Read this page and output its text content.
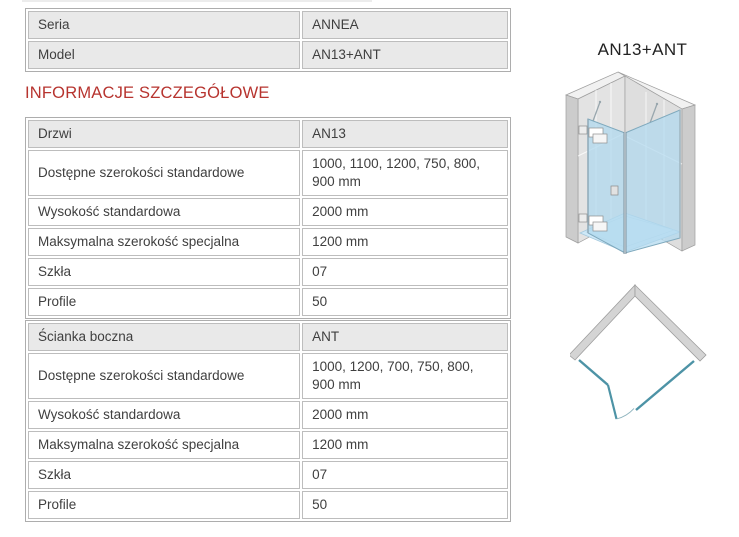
Seria	ANNEA
Model	AN13+ANT
INFORMACJE SZCZEGÓŁOWE
Drzwi	AN13
Dostępne szerokości standardowe	1000, 1100, 1200, 750, 800, 900 mm
Wysokość standardowa	2000 mm
Maksymalna szerokość specjalna	1200 mm
Szkła	07
Profile	50
Ścianka boczna	ANT
Dostępne szerokości standardowe	1000, 1200, 700, 750, 800, 900 mm
Wysokość standardowa	2000 mm
Maksymalna szerokość specjalna	1200 mm
Szkła	07
Profile	50
AN13+ANT
